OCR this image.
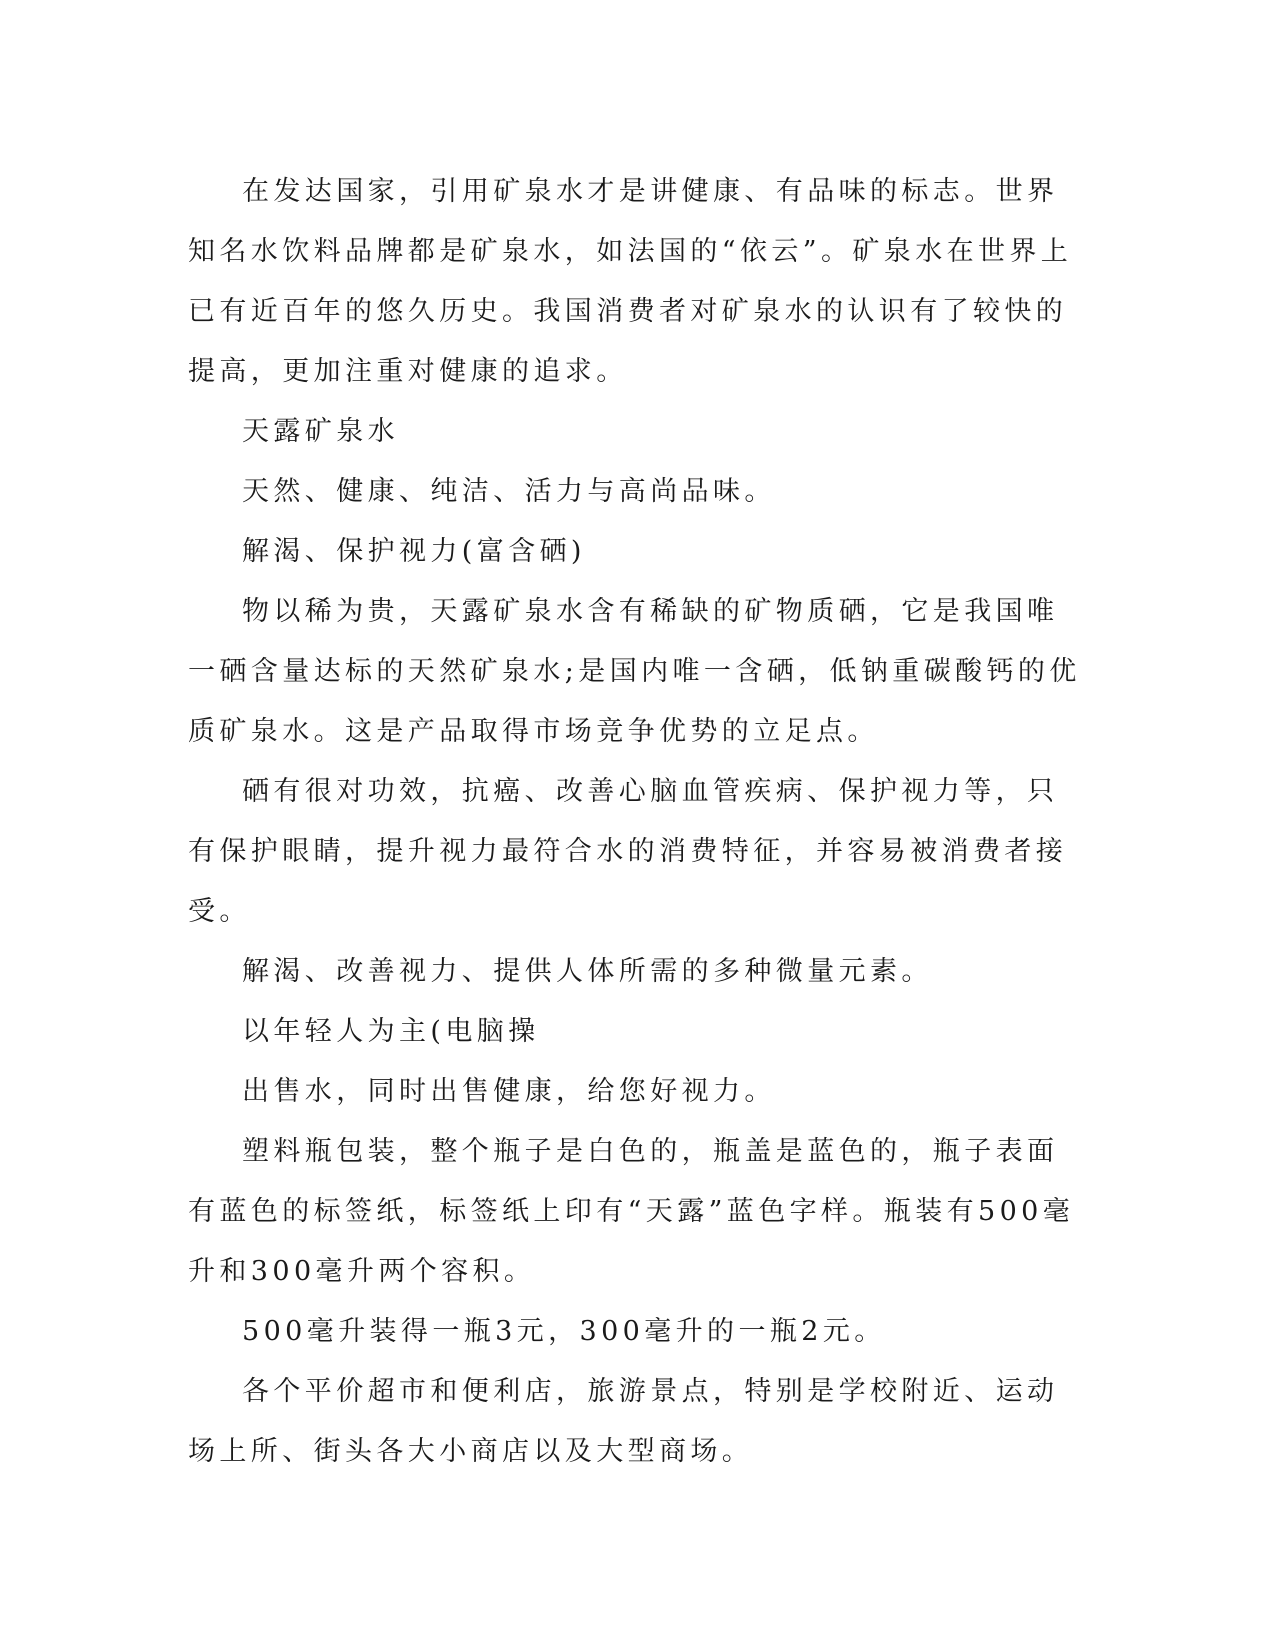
在发达国家，引用矿泉水才是讲健康、有品味的标志。世界知名水饮料品牌都是矿泉水，如法国的“依云”。矿泉水在世界上已有近百年的悠久历史。我国消费者对矿泉水的认识有了较快的提高，更加注重对健康的追求。

天露矿泉水

天然、健康、纯洁、活力与高尚品味。

解渴、保护视力(富含硒)

物以稀为贵，天露矿泉水含有稀缺的矿物质硒，它是我国唯一硒含量达标的天然矿泉水;是国内唯一含硒，低钠重碳酸钙的优质矿泉水。这是产品取得市场竞争优势的立足点。

硒有很对功效，抗癌、改善心脑血管疾病、保护视力等，只有保护眼睛，提升视力最符合水的消费特征，并容易被消费者接受。

解渴、改善视力、提供人体所需的多种微量元素。

以年轻人为主(电脑操

出售水，同时出售健康，给您好视力。

塑料瓶包装，整个瓶子是白色的，瓶盖是蓝色的，瓶子表面有蓝色的标签纸，标签纸上印有“天露”蓝色字样。瓶装有500毫升和300毫升两个容积。

500毫升装得一瓶3元，300毫升的一瓶2元。

各个平价超市和便利店，旅游景点，特别是学校附近、运动场上所、街头各大小商店以及大型商场。
